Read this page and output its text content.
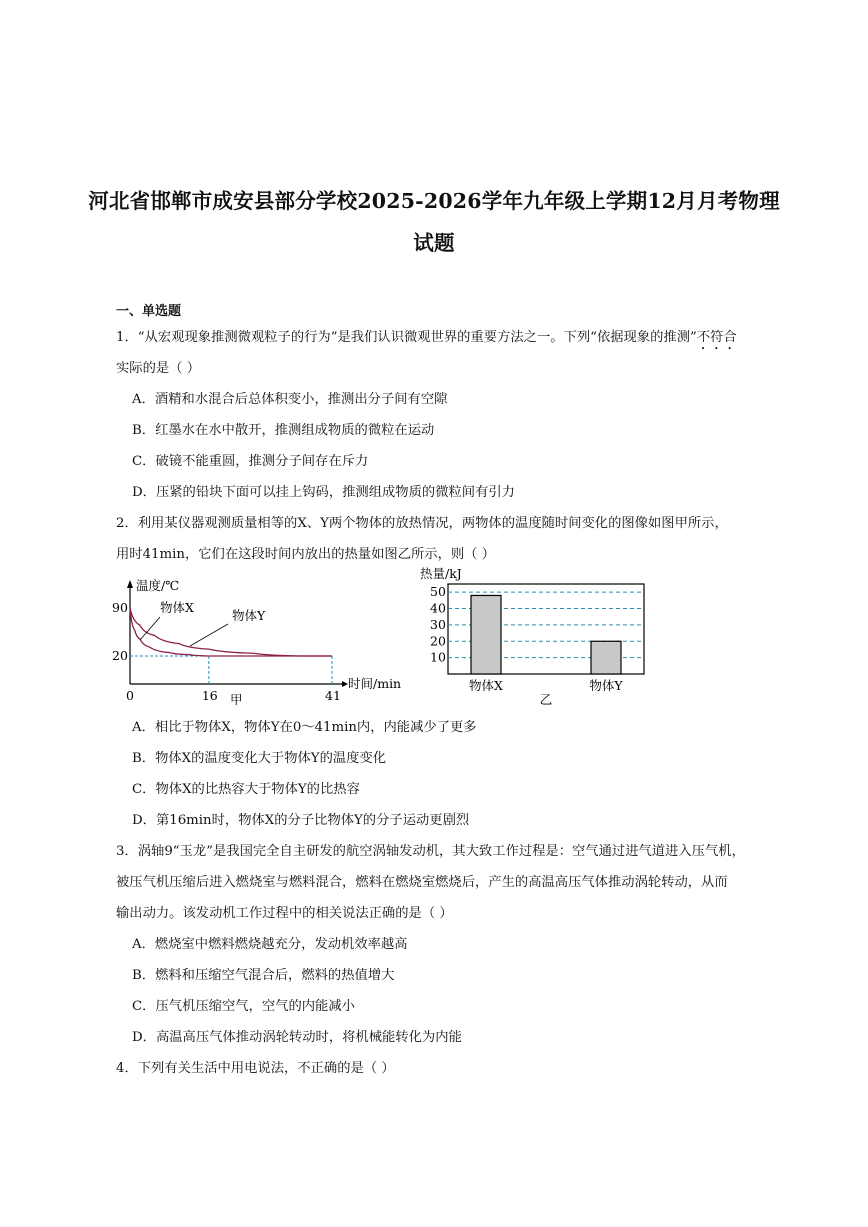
河北省邯郸市成安县部分学校2025-2026学年九年级上学期12月月考物理
试题
一、单选题
1．“从宏观现象推测微观粒子的行为”是我们认识微观世界的重要方法之一。下列“依据现象的推测”不符合
实际的是（ ）
A．酒精和水混合后总体积变小，推测出分子间有空隙
B．红墨水在水中散开，推测组成物质的微粒在运动
C．破镜不能重圆，推测分子间存在斥力
D．压紧的铅块下面可以挂上钩码，推测组成物质的微粒间有引力
2．利用某仪器观测质量相等的X、Y两个物体的放热情况，两物体的温度随时间变化的图像如图甲所示，
用时41min，它们在这段时间内放出的热量如图乙所示，则（ ）
温度/℃
时间/min
90
20
0	16	41
甲
物体X
物体Y
热量/kJ
10
20
30
40
50
物体X	物体Y
乙
A．相比于物体X，物体Y在0～41min内，内能减少了更多
B．物体X的温度变化大于物体Y的温度变化
C．物体X的比热容大于物体Y的比热容
D．第16min时，物体X的分子比物体Y的分子运动更剧烈
3．涡轴9“玉龙”是我国完全自主研发的航空涡轴发动机，其大致工作过程是：空气通过进气道进入压气机，
被压气机压缩后进入燃烧室与燃料混合，燃料在燃烧室燃烧后，产生的高温高压气体推动涡轮转动，从而
输出动力。该发动机工作过程中的相关说法正确的是（ ）
A．燃烧室中燃料燃烧越充分，发动机效率越高
B．燃料和压缩空气混合后，燃料的热值增大
C．压气机压缩空气，空气的内能减小
D．高温高压气体推动涡轮转动时，将机械能转化为内能
4．下列有关生活中用电说法，不正确的是（ ）
